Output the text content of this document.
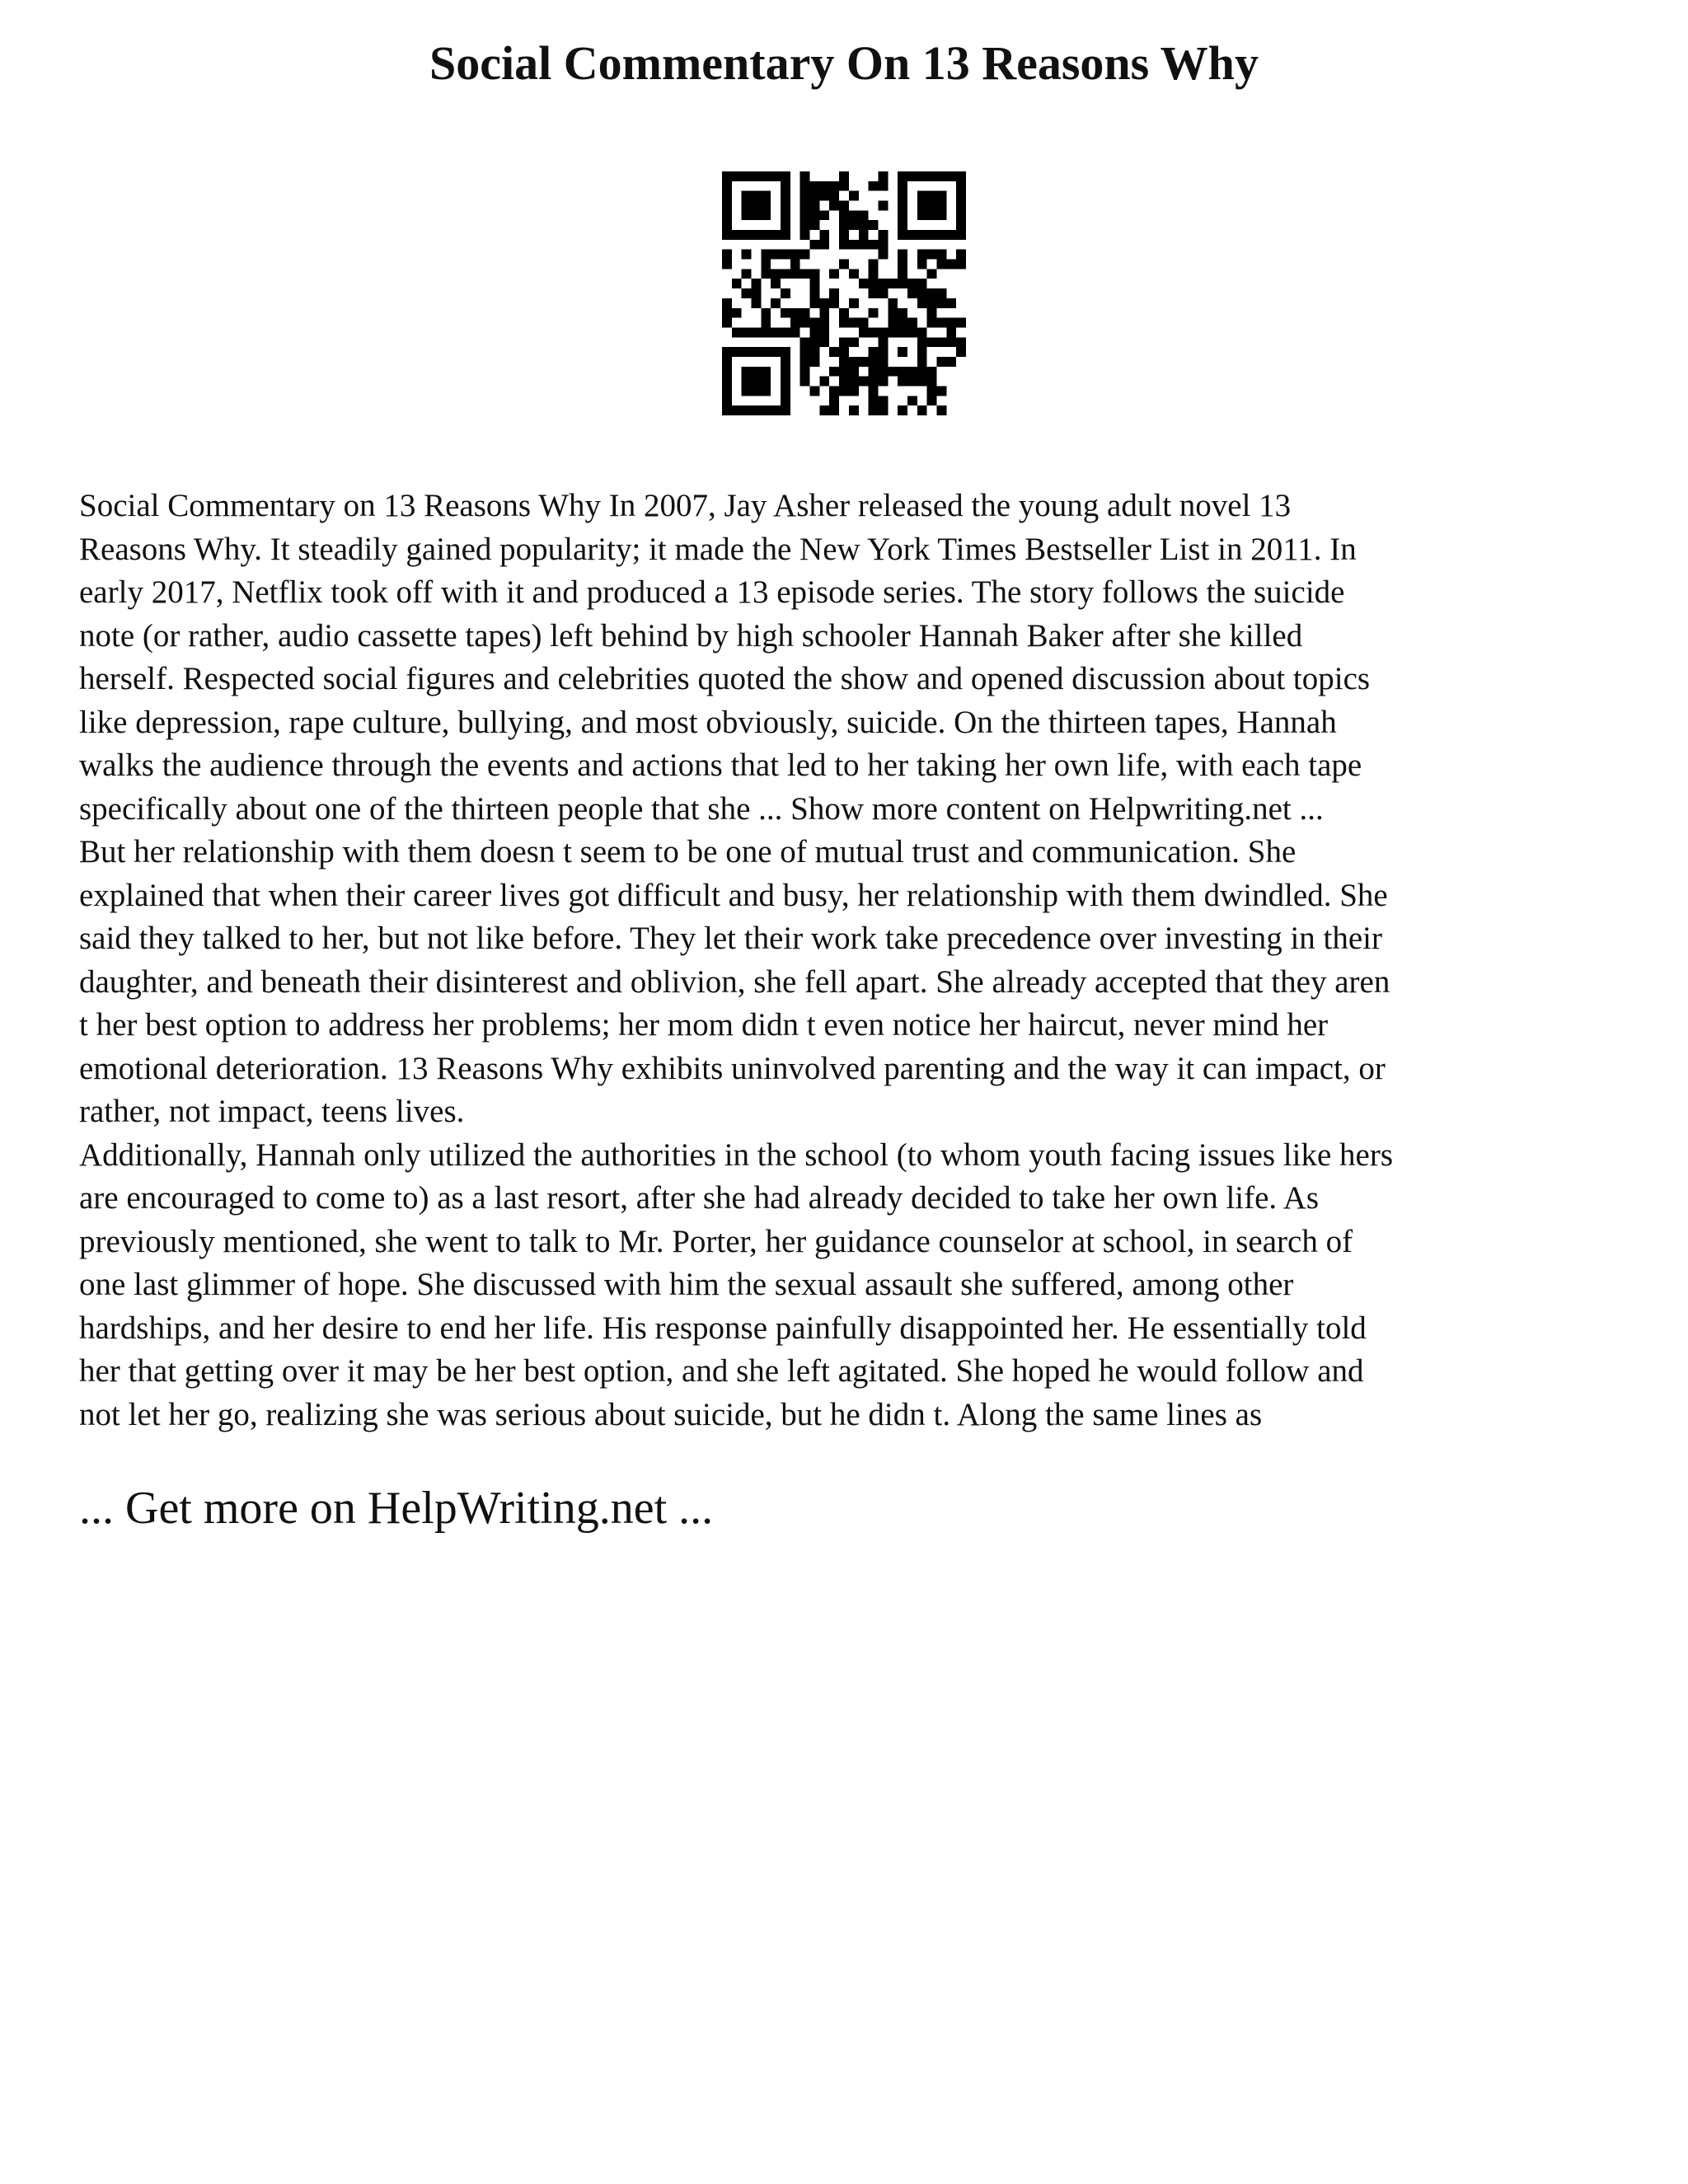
Social Commentary On 13 Reasons Why

Social Commentary on 13 Reasons Why In 2007, Jay Asher released the young adult novel 13
Reasons Why. It steadily gained popularity; it made the New York Times Bestseller List in 2011. In
early 2017, Netflix took off with it and produced a 13 episode series. The story follows the suicide
note (or rather, audio cassette tapes) left behind by high schooler Hannah Baker after she killed
herself. Respected social figures and celebrities quoted the show and opened discussion about topics
like depression, rape culture, bullying, and most obviously, suicide. On the thirteen tapes, Hannah
walks the audience through the events and actions that led to her taking her own life, with each tape
specifically about one of the thirteen people that she ... Show more content on Helpwriting.net ...

But her relationship with them doesn t seem to be one of mutual trust and communication. She
explained that when their career lives got difficult and busy, her relationship with them dwindled. She
said they talked to her, but not like before. They let their work take precedence over investing in their
daughter, and beneath their disinterest and oblivion, she fell apart. She already accepted that they aren
t her best option to address her problems; her mom didn t even notice her haircut, never mind her
emotional deterioration. 13 Reasons Why exhibits uninvolved parenting and the way it can impact, or
rather, not impact, teens lives.

Additionally, Hannah only utilized the authorities in the school (to whom youth facing issues like hers
are encouraged to come to) as a last resort, after she had already decided to take her own life. As
previously mentioned, she went to talk to Mr. Porter, her guidance counselor at school, in search of
one last glimmer of hope. She discussed with him the sexual assault she suffered, among other
hardships, and her desire to end her life. His response painfully disappointed her. He essentially told
her that getting over it may be her best option, and she left agitated. She hoped he would follow and
not let her go, realizing she was serious about suicide, but he didn t. Along the same lines as

... Get more on HelpWriting.net ...
